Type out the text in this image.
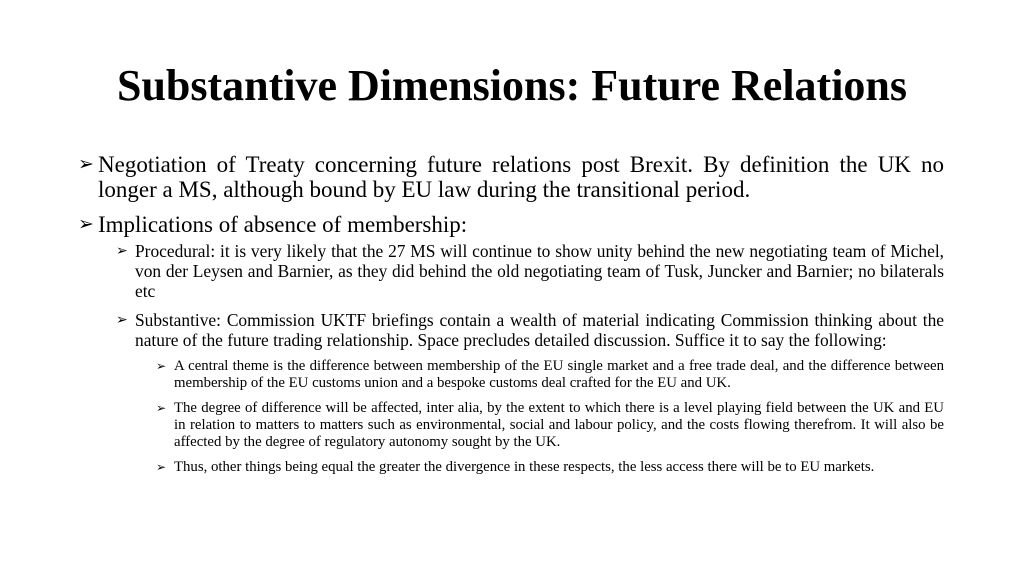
Substantive Dimensions: Future Relations
➢ Negotiation of Treaty concerning future relations post Brexit. By definition the UK no longer a MS, although bound by EU law during the transitional period.
➢ Implications of absence of membership:
➢ Procedural: it is very likely that the 27 MS will continue to show unity behind the new negotiating team of Michel, von der Leysen and Barnier, as they did behind the old negotiating team of Tusk, Juncker and Barnier; no bilaterals etc
➢ Substantive: Commission UKTF briefings contain a wealth of material indicating Commission thinking about the nature of the future trading relationship. Space precludes detailed discussion. Suffice it to say the following:
➢ A central theme is the difference between membership of the EU single market and a free trade deal, and the difference between membership of the EU customs union and a bespoke customs deal crafted for the EU and UK.
➢ The degree of difference will be affected, inter alia, by the extent to which there is a level playing field between the UK and EU in relation to matters to matters such as environmental, social and labour policy, and the costs flowing therefrom. It will also be affected by the degree of regulatory autonomy sought by the UK.
➢ Thus, other things being equal the greater the divergence in these respects, the less access there will be to EU markets.
